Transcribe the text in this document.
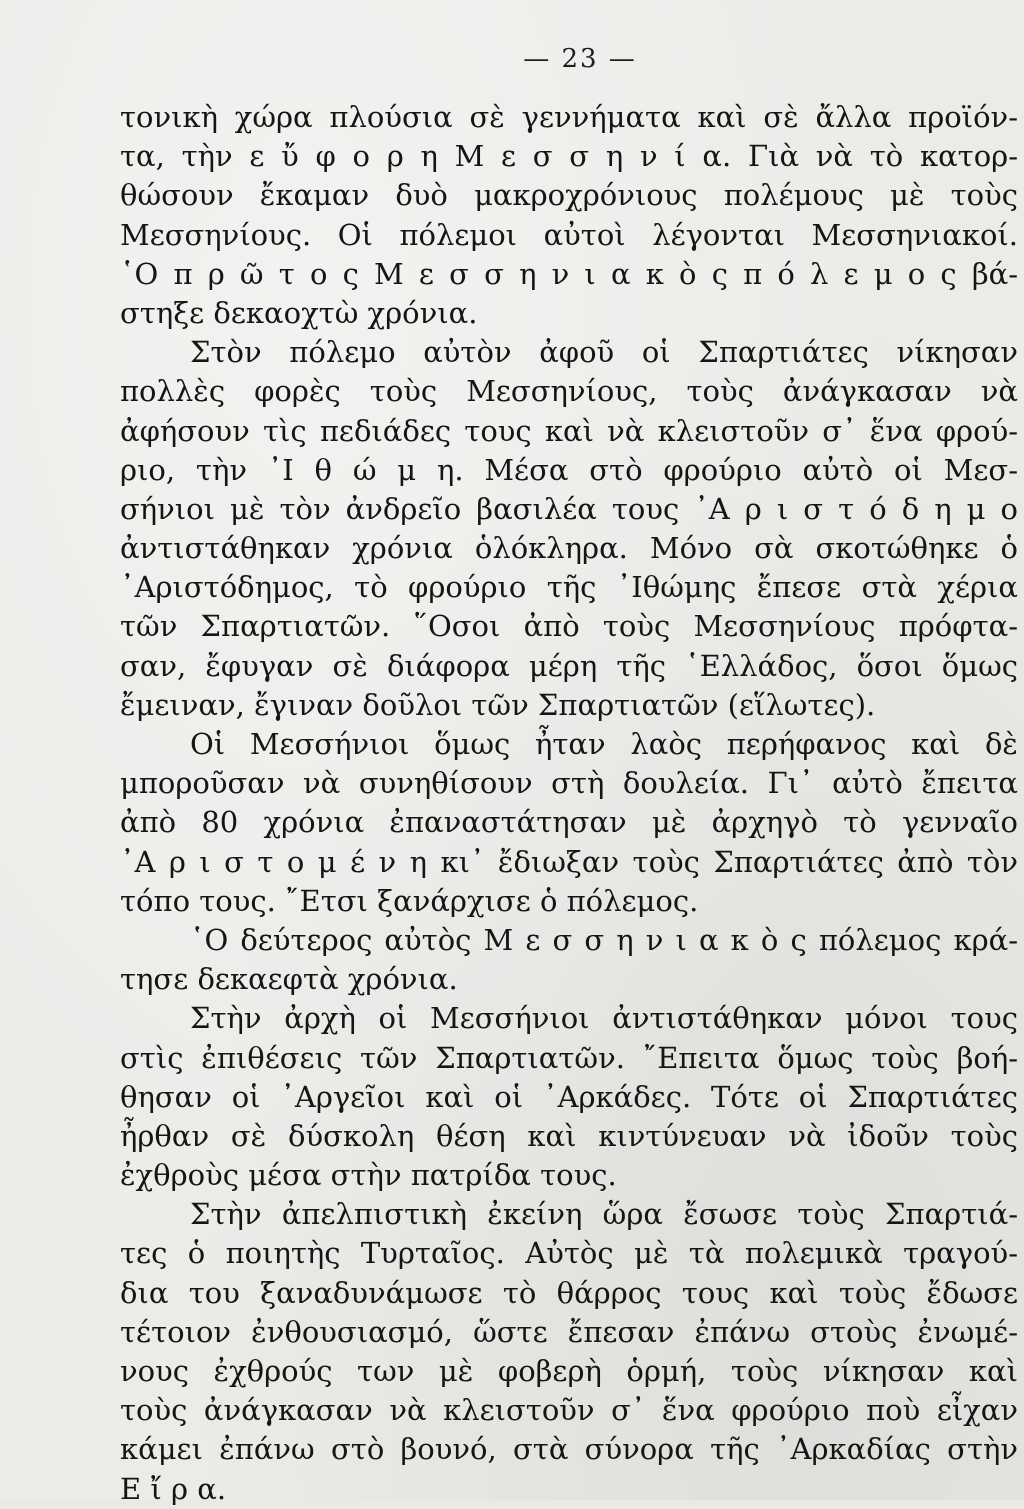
— 23 —
τονικὴ χώρα πλούσια σὲ γεννήματα καὶ σὲ ἄλλα προϊόν-
τα, τὴν ε ὔ φ ο ρ η Μ ε σ σ η ν ί α. Γιὰ νὰ τὸ κατορ-
θώσουν ἔκαμαν δυὸ μακροχρόνιους πολέμους μὲ τοὺς
Μεσσηνίους. Οἱ πόλεμοι αὐτοὶ λέγονται Μεσσηνιακοί.
῾Ο π ρ ῶ τ ο ς Μ ε σ σ η ν ι α κ ὸ ς π ό λ ε μ ο ς βά-
στηξε δεκαοχτὼ χρόνια.
Στὸν πόλεμο αὐτὸν ἀφοῦ οἱ Σπαρτιάτες νίκησαν
πολλὲς φορὲς τοὺς Μεσσηνίους, τοὺς ἀνάγκασαν νὰ
ἀφήσουν τὶς πεδιάδες τους καὶ νὰ κλειστοῦν σ᾽ ἕνα φρού-
ριο, τὴν ᾿Ι θ ώ μ η. Μέσα στὸ φρούριο αὐτὸ οἱ Μεσ-
σήνιοι μὲ τὸν ἀνδρεῖο βασιλέα τους ᾿Α ρ ι σ τ ό δ η μ ο
ἀντιστάθηκαν χρόνια ὁλόκληρα. Μόνο σὰ σκοτώθηκε ὁ
᾿Αριστόδημος, τὸ φρούριο τῆς ᾿Ιθώμης ἔπεσε στὰ χέρια
τῶν Σπαρτιατῶν. ῞Οσοι ἀπὸ τοὺς Μεσσηνίους πρόφτα-
σαν, ἔφυγαν σὲ διάφορα μέρη τῆς ῾Ελλάδος, ὅσοι ὅμως
ἔμειναν, ἔγιναν δοῦλοι τῶν Σπαρτιατῶν (εἵλωτες).
Οἱ Μεσσήνιοι ὅμως ἦταν λαὸς περήφανος καὶ δὲ
μποροῦσαν νὰ συνηθίσουν στὴ δουλεία. Γι᾽ αὐτὸ ἔπειτα
ἀπὸ 80 χρόνια ἐπαναστάτησαν μὲ ἀρχηγὸ τὸ γενναῖο
᾿Α ρ ι σ τ ο μ έ ν η κι᾽ ἔδιωξαν τοὺς Σπαρτιάτες ἀπὸ τὸν
τόπο τους. ῎Ετσι ξανάρχισε ὁ πόλεμος.
῾Ο δεύτερος αὐτὸς Μ ε σ σ η ν ι α κ ὸ ς πόλεμος κρά-
τησε δεκαεφτὰ χρόνια.
Στὴν ἀρχὴ οἱ Μεσσήνιοι ἀντιστάθηκαν μόνοι τους
στὶς ἐπιθέσεις τῶν Σπαρτιατῶν. ῎Επειτα ὅμως τοὺς βοή-
θησαν οἱ ᾿Αργεῖοι καὶ οἱ ᾿Αρκάδες. Τότε οἱ Σπαρτιάτες
ἦρθαν σὲ δύσκολη θέση καὶ κιντύνευαν νὰ ἰδοῦν τοὺς
ἐχθροὺς μέσα στὴν πατρίδα τους.
Στὴν ἀπελπιστικὴ ἐκείνη ὥρα ἔσωσε τοὺς Σπαρτιά-
τες ὁ ποιητὴς Τυρταῖος. Αὐτὸς μὲ τὰ πολεμικὰ τραγού-
δια του ξαναδυνάμωσε τὸ θάρρος τους καὶ τοὺς ἔδωσε
τέτοιον ἐνθουσιασμό, ὥστε ἔπεσαν ἐπάνω στοὺς ἐνωμέ-
νους ἐχθρούς των μὲ φοβερὴ ὁρμή, τοὺς νίκησαν καὶ
τοὺς ἀνάγκασαν νὰ κλειστοῦν σ᾽ ἕνα φρούριο ποὺ εἶχαν
κάμει ἐπάνω στὸ βουνό, στὰ σύνορα τῆς ᾿Αρκαδίας στὴν
Ε ἴ ρ α.
